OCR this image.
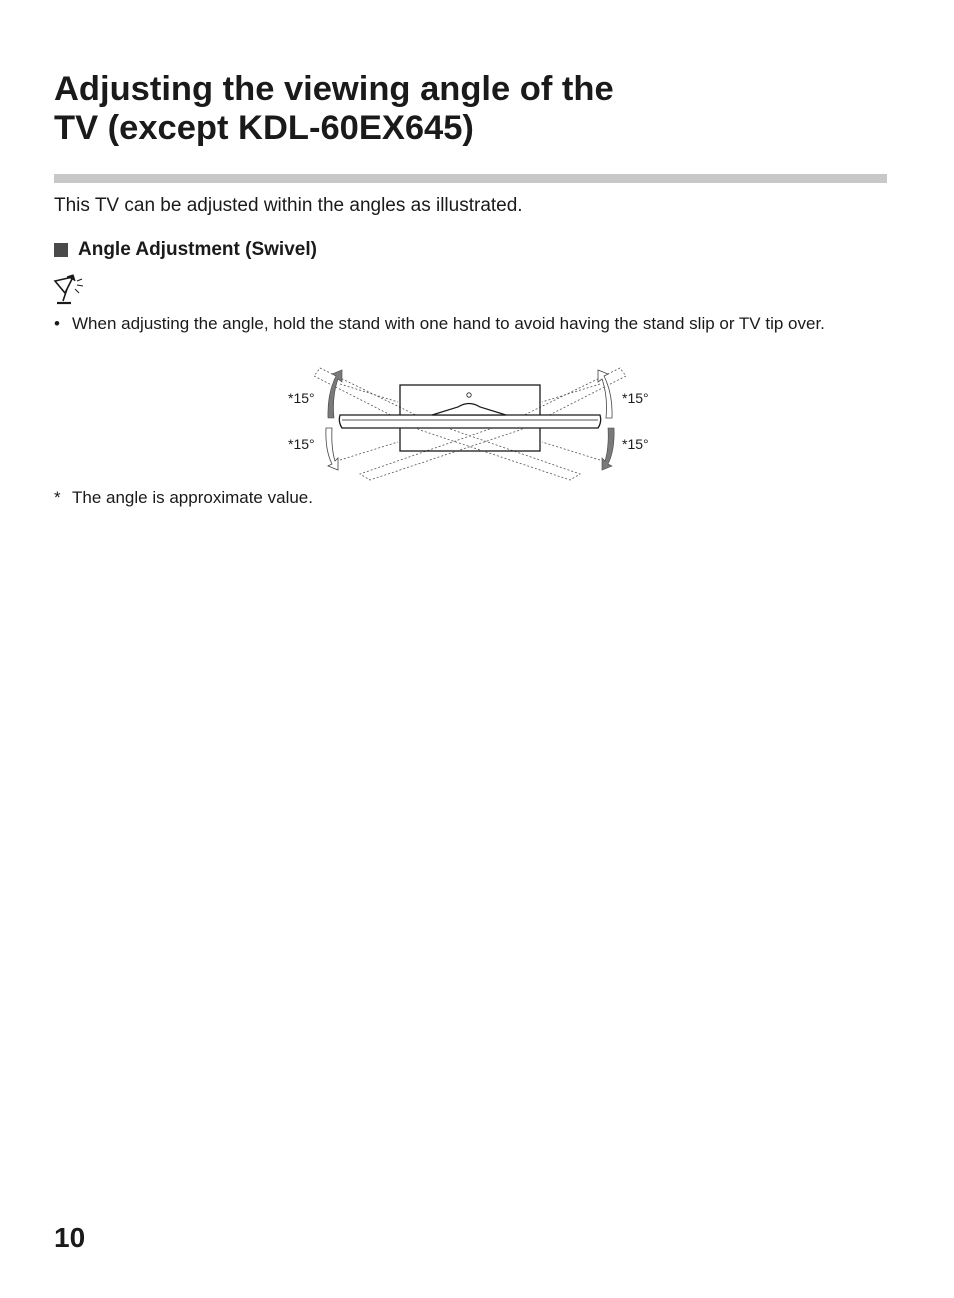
Adjusting the viewing angle of the
TV (except KDL-60EX645)

This TV can be adjusted within the angles as illustrated.

Angle Adjustment (Swivel)
• When adjusting the angle, hold the stand with one hand to avoid having the stand slip or TV tip over.
*15°
*15°
*15°
*15°
* The angle is approximate value.
10
